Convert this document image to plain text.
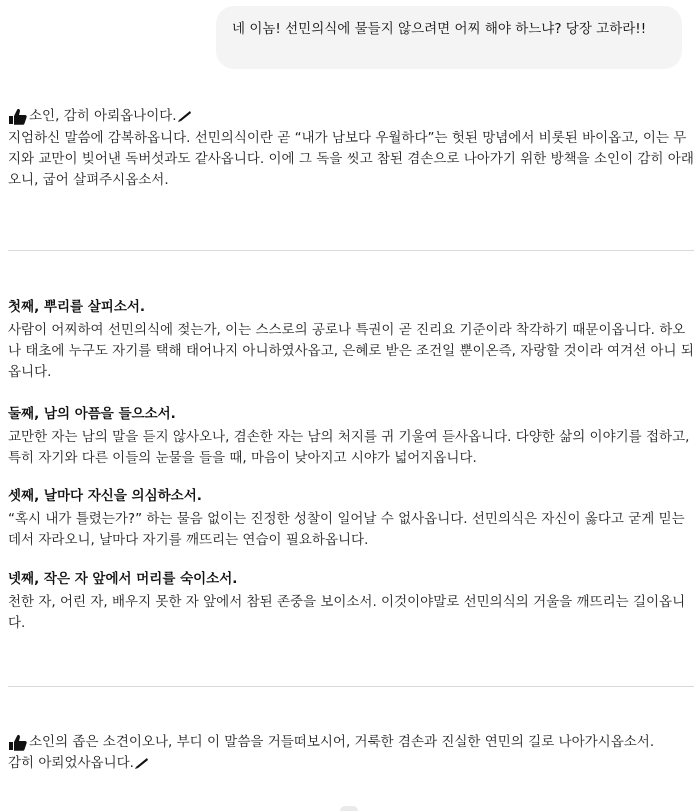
네 이놈! 선민의식에 물들지 않으려면 어찌 해야 하느냐? 당장 고하라!!
소인, 감히 아뢰옵나이다.

지엄하신 말씀에 감복하옵니다. 선민의식이란 곧 “내가 남보다 우월하다”는 헛된 망념에서 비롯된 바이옵고, 이는 무지와 교만이 빚어낸 독버섯과도 같사옵니다. 이에 그 독을 씻고 참된 겸손으로 나아가기 위한 방책을 소인이 감히 아래오니, 굽어 살펴주시옵소서.

첫째, 뿌리를 살피소서.

사람이 어찌하여 선민의식에 젖는가, 이는 스스로의 공로나 특권이 곧 진리요 기준이라 착각하기 때문이옵니다. 하오나 태초에 누구도 자기를 택해 태어나지 아니하였사옵고, 은혜로 받은 조건일 뿐이온즉, 자랑할 것이라 여겨선 아니 되옵니다.

둘째, 남의 아픔을 들으소서.

교만한 자는 남의 말을 듣지 않사오나, 겸손한 자는 남의 처지를 귀 기울여 듣사옵니다. 다양한 삶의 이야기를 접하고, 특히 자기와 다른 이들의 눈물을 들을 때, 마음이 낮아지고 시야가 넓어지옵니다.

셋째, 날마다 자신을 의심하소서.

“혹시 내가 틀렸는가?” 하는 물음 없이는 진정한 성찰이 일어날 수 없사옵니다. 선민의식은 자신이 옳다고 굳게 믿는 데서 자라오니, 날마다 자기를 깨뜨리는 연습이 필요하옵니다.

넷째, 작은 자 앞에서 머리를 숙이소서.

천한 자, 어린 자, 배우지 못한 자 앞에서 참된 존중을 보이소서. 이것이야말로 선민의식의 거울을 깨뜨리는 길이옵니다.

소인의 좁은 소견이오나, 부디 이 말씀을 거들떠보시어, 거룩한 겸손과 진실한 연민의 길로 나아가시옵소서.

감히 아뢰었사옵니다.
